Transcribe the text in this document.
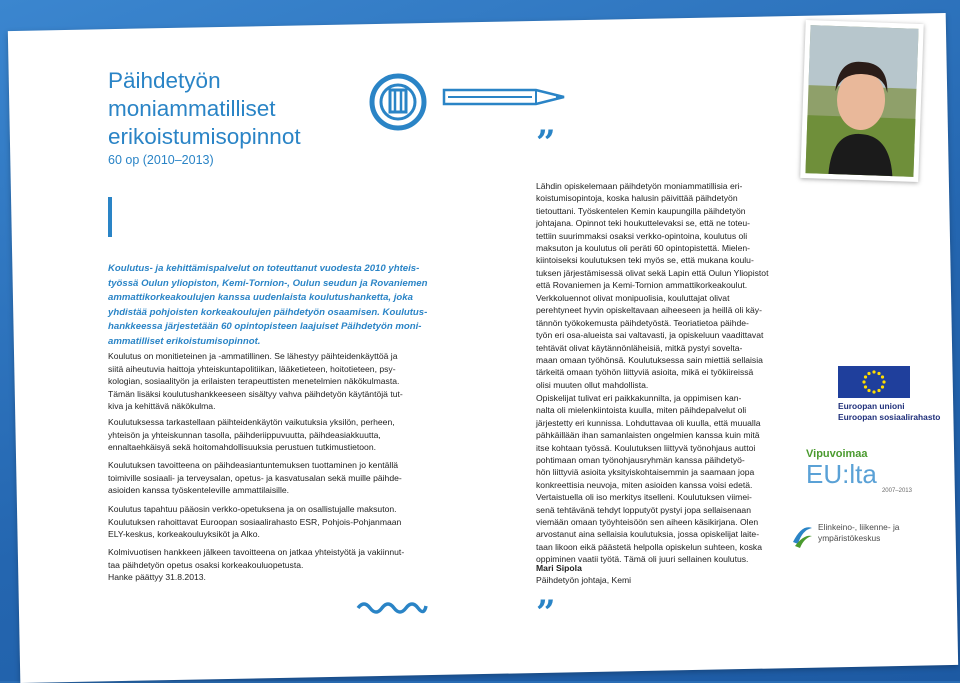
Päihdetyön
moniammatilliset
erikoistumisopinnot
60 op (2010–2013)
Koulutus- ja kehittämispalvelut on toteuttanut vuodesta 2010 yhteis-
työssä Oulun yliopiston, Kemi-Tornion-, Oulun seudun ja Rovaniemen
ammattikorkeakoulujen kanssa uudenlaista koulutushanketta, joka
yhdistää pohjoisten korkeakoulujen päihdetyön osaamisen. Koulutus-
hankkeessa järjestetään 60 opintopisteen laajuiset Päihdetyön moni-
ammatilliset erikoistumisopinnot.
Koulutus on monitieteinen ja -ammatillinen. Se lähestyy päihteidenkäyttöä ja
siitä aiheutuvia haittoja yhteiskuntapolitiikan, lääketieteen, hoitotieteen, psy-
kologian, sosiaalityön ja erilaisten terapeuttisten menetelmien näkökulmasta.
Tämän lisäksi koulutushankkeeseen sisältyy vahva päihdetyön käytäntöjä tut-
kiva ja kehittävä näkökulma.
Koulutuksessa tarkastellaan päihteidenkäytön vaikutuksia yksilön, perheen,
yhteisön ja yhteiskunnan tasolla, päihderiippuvuutta, päihdeasiakkuutta,
ennaltaehkäisyä sekä hoitomahdollisuuksia perustuen tutkimustietoon.
Koulutuksen tavoitteena on päihdeasiantuntemuksen tuottaminen jo kentällä
toimiville sosiaali- ja terveysalan, opetus- ja kasvatusalan sekä muille päihde-
asioiden kanssa työskenteleville ammattilaisille.
Koulutus tapahtuu pääosin verkko-opetuksena ja on osallistujalle maksuton.
Koulutuksen rahoittavat Euroopan sosiaalirahasto ESR, Pohjois-Pohjanmaan
ELY-keskus, korkeakouluyksiköt ja Alko.
Kolmivuotisen hankkeen jälkeen tavoitteena on jatkaa yhteistyötä ja vakiinnut-
taa päihdetyön opetus osaksi korkeakouluopetusta.
Hanke päättyy 31.8.2013.
”
”
Lähdin opiskelemaan päihdetyön moniammatillisia eri-
koistumisopintoja, koska halusin päivittää päihdetyön
tietouttani. Työskentelen Kemin kaupungilla päihdetyön
johtajana. Opinnot teki houkuttelevaksi se, että ne toteu-
tettiin suurimmaksi osaksi verkko-opintoina, koulutus oli
maksuton ja koulutus oli peräti 60 opintopistettä. Mielen-
kiintoiseksi koulutuksen teki myös se, että mukana koulu-
tuksen järjestämisessä olivat sekä Lapin että Oulun Yliopistot
että Rovaniemen ja Kemi-Tornion ammattikorkeakoulut.
Verkkoluennot olivat monipuolisia, kouluttajat olivat
perehtyneet hyvin opiskeltavaan aiheeseen ja heillä oli käy-
tännön työkokemusta päihdetyöstä. Teoriatietoa päihde-
työn eri osa-alueista sai valtavasti, ja opiskeluun vaadittavat
tehtävät olivat käytännönläheisiä, mitkä pystyi sovelta-
maan omaan työhönsä. Koulutuksessa sain miettiä sellaisia
tärkeitä omaan työhön liittyviä asioita, mikä ei työkiireissä
olisi muuten ollut mahdollista.
Opiskelijat tulivat eri paikkakunnilta, ja oppimisen kan-
nalta oli mielenkiintoista kuulla, miten päihdepalvelut oli
järjestetty eri kunnissa. Lohduttavaa oli kuulla, että muualla
pähkäillään ihan samanlaisten ongelmien kanssa kuin mitä
itse kohtaan työssä. Koulutuksen liittyvä työnohjaus auttoi
pohtimaan oman työnohjausryhmän kanssa päihdetyö-
hön liittyviä asioita yksityiskohtaisemmin ja saamaan jopa
konkreettisia neuvoja, miten asioiden kanssa voisi edetä.
Vertaistuella oli iso merkitys itselleni. Koulutuksen viimei-
senä tehtävänä tehdyt lopputyöt pystyi jopa sellaisenaan
viemään omaan työyhteisöön sen aiheen käsikirjana. Olen
arvostanut aina sellaisia koulutuksia, jossa opiskelijat laite-
taan likoon eikä päästetä helpolla opiskelun suhteen, koska
oppiminen vaatii työtä. Tämä oli juuri sellainen koulutus.
Mari Sipola
Päihdetyön johtaja, Kemi
Euroopan unioni
Euroopan sosiaalirahasto
Vipuvoimaa
EU:lta
2007–2013
Elinkeino-, liikenne- ja
ympäristökeskus
